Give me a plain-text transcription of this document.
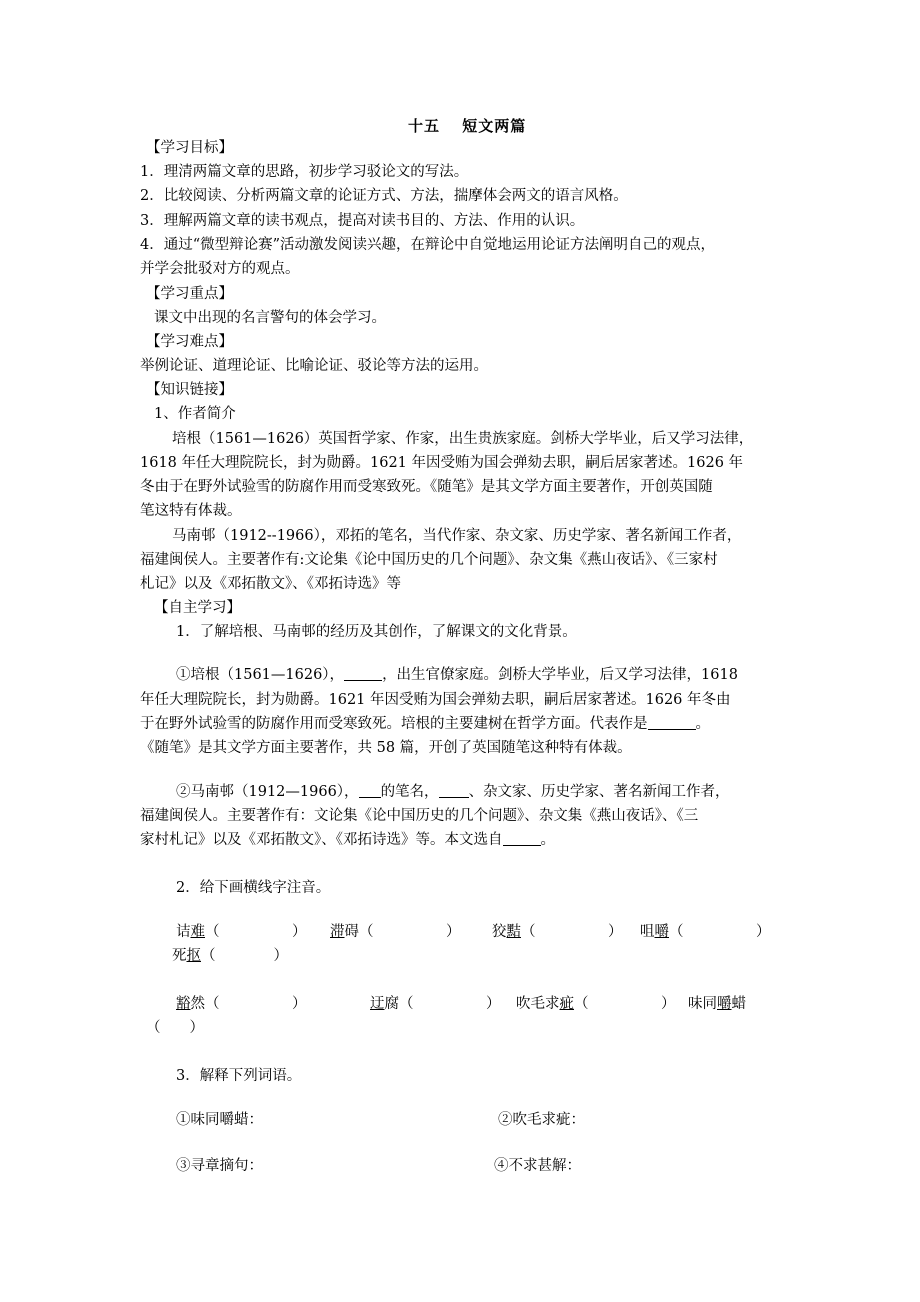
十五　 短文两篇
【学习目标】
1．理清两篇文章的思路，初步学习驳论文的写法。
2．比较阅读、分析两篇文章的论证方式、方法，揣摩体会两文的语言风格。
3．理解两篇文章的读书观点，提高对读书目的、方法、作用的认识。
4．通过“微型辩论赛”活动激发阅读兴趣，在辩论中自觉地运用论证方法阐明自己的观点，
并学会批驳对方的观点。
【学习重点】
课文中出现的名言警句的体会学习。
【学习难点】
举例论证、道理论证、比喻论证、驳论等方法的运用。
【知识链接】
1、作者简介
培根（1561—1626）英国哲学家、作家，出生贵族家庭。剑桥大学毕业，后又学习法律，
1618 年任大理院院长，封为勋爵。1621 年因受贿为国会弹劾去职，嗣后居家著述。1626 年
冬由于在野外试验雪的防腐作用而受寒致死。《随笔》是其文学方面主要著作，开创英国随
笔这特有体裁。
马南邨（1912--1966），邓拓的笔名，当代作家、杂文家、历史学家、著名新闻工作者，
福建闽侯人。主要著作有:文论集《论中国历史的几个问题》、杂文集《燕山夜话》、《三家村
札记》以及《邓拓散文》、《邓拓诗选》等
【自主学习】
1．了解培根、马南邨的经历及其创作，了解课文的文化背景。
①培根（1561—1626），	，出生官僚家庭。剑桥大学毕业，后又学习法律，1618
年任大理院院长，封为勋爵。1621 年因受贿为国会弹劾去职，嗣后居家著述。1626 年冬由
于在野外试验雪的防腐作用而受寒致死。培根的主要建树在哲学方面。代表作是	。
《随笔》是其文学方面主要著作，共 58 篇，开创了英国随笔这种特有体裁。
②马南邨（1912—1966）， 的笔名， 、杂文家、历史学家、著名新闻工作者，
福建闽侯人。主要著作有：文论集《论中国历史的几个问题》、杂文集《燕山夜话》、《三
家村札记》以及《邓拓散文》、《邓拓诗选》等。本文选自	。
2．给下画横线字注音。
诘难（　　　　　） 滞碍（　　　　　） 狡黠（　　　　　） 咀嚼（　　　　　）
死抠（　　　　）
豁然（　　　　　）	迂腐（　　　　　） 吹毛求疵（　　　　　） 味同嚼蜡
（　　）
3．解释下列词语。
①味同嚼蜡：	②吹毛求疵：
③寻章摘句：	④不求甚解：
